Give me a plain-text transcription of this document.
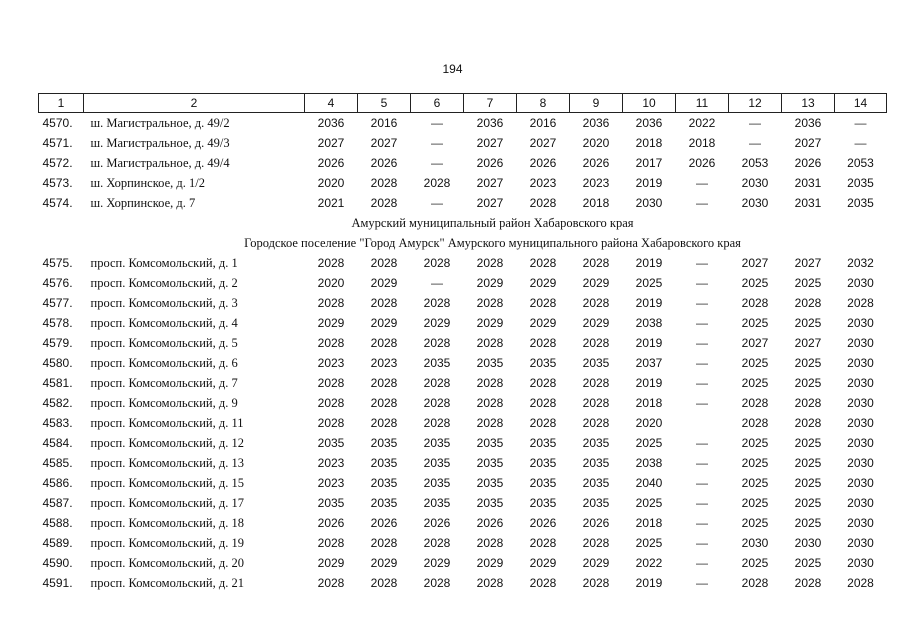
194
1	2	4	5	6	7	8	9	10	11	12	13	14
4570.	ш. Магистральное, д. 49/2	2036	2016	—	2036	2016	2036	2036	2022	—	2036	—
4571.	ш. Магистральное, д. 49/3	2027	2027	—	2027	2027	2020	2018	2018	—	2027	—
4572.	ш. Магистральное, д. 49/4	2026	2026	—	2026	2026	2026	2017	2026	2053	2026	2053
4573.	ш. Хорпинское, д. 1/2	2020	2028	2028	2027	2023	2023	2019	—	2030	2031	2035
4574.	ш. Хорпинское, д. 7	2021	2028	—	2027	2028	2018	2030	—	2030	2031	2035
Амурский муниципальный район Хабаровского края												
Городское поселение "Город Амурск" Амурского муниципального района Хабаровского края												
4575.	просп. Комсомольский, д. 1	2028	2028	2028	2028	2028	2028	2019	—	2027	2027	2032
4576.	просп. Комсомольский, д. 2	2020	2029	—	2029	2029	2029	2025	—	2025	2025	2030
4577.	просп. Комсомольский, д. 3	2028	2028	2028	2028	2028	2028	2019	—	2028	2028	2028
4578.	просп. Комсомольский, д. 4	2029	2029	2029	2029	2029	2029	2038	—	2025	2025	2030
4579.	просп. Комсомольский, д. 5	2028	2028	2028	2028	2028	2028	2019	—	2027	2027	2030
4580.	просп. Комсомольский, д. 6	2023	2023	2035	2035	2035	2035	2037	—	2025	2025	2030
4581.	просп. Комсомольский, д. 7	2028	2028	2028	2028	2028	2028	2019	—	2025	2025	2030
4582.	просп. Комсомольский, д. 9	2028	2028	2028	2028	2028	2028	2018	—	2028	2028	2030
4583.	просп. Комсомольский, д. 11	2028	2028	2028	2028	2028	2028	2020		2028	2028	2030
4584.	просп. Комсомольский, д. 12	2035	2035	2035	2035	2035	2035	2025	—	2025	2025	2030
4585.	просп. Комсомольский, д. 13	2023	2035	2035	2035	2035	2035	2038	—	2025	2025	2030
4586.	просп. Комсомольский, д. 15	2023	2035	2035	2035	2035	2035	2040	—	2025	2025	2030
4587.	просп. Комсомольский, д. 17	2035	2035	2035	2035	2035	2035	2025	—	2025	2025	2030
4588.	просп. Комсомольский, д. 18	2026	2026	2026	2026	2026	2026	2018	—	2025	2025	2030
4589.	просп. Комсомольский, д. 19	2028	2028	2028	2028	2028	2028	2025	—	2030	2030	2030
4590.	просп. Комсомольский, д. 20	2029	2029	2029	2029	2029	2029	2022	—	2025	2025	2030
4591.	просп. Комсомольский, д. 21	2028	2028	2028	2028	2028	2028	2019	—	2028	2028	2028
